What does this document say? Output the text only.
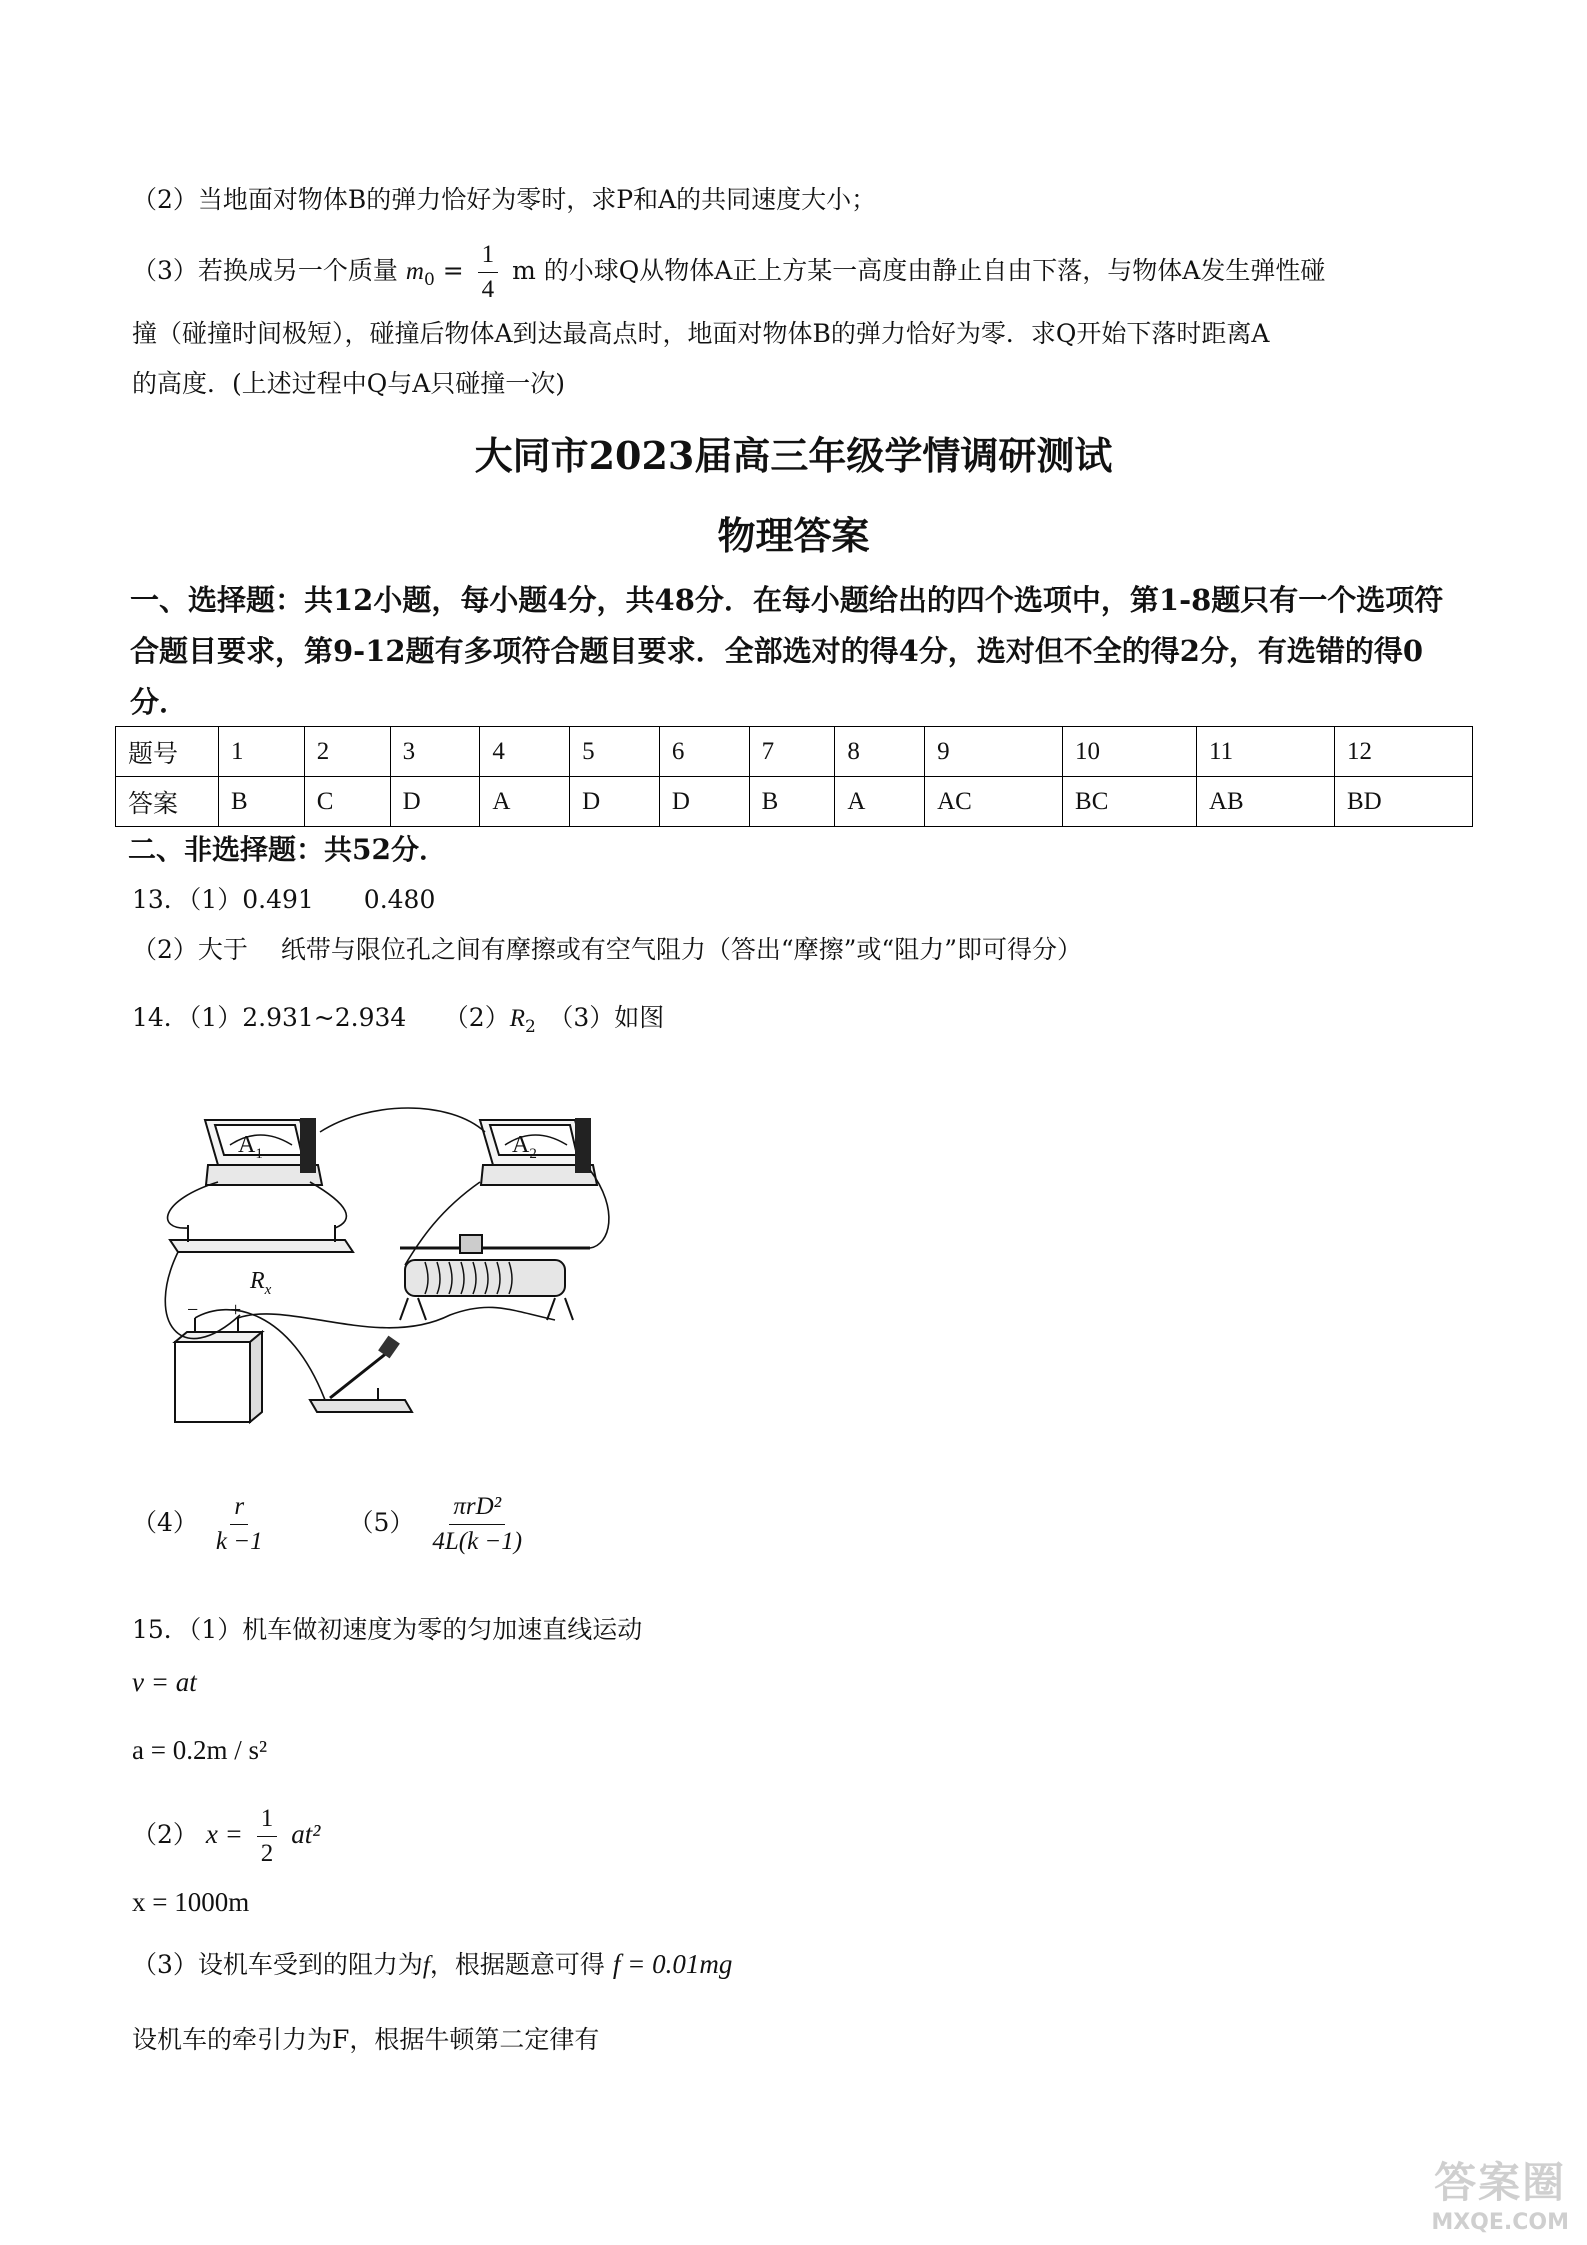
（2）当地面对物体B的弹力恰好为零时，求P和A的共同速度大小；
（3）若换成另一个质量 $m_0 = \frac{1}{4}$ m 的小球Q从物体A正上方某一高度由静止自由下落，与物体A发生弹性碰
撞（碰撞时间极短），碰撞后物体A到达最高点时，地面对物体B的弹力恰好为零．求Q开始下落时距离A
的高度．(上述过程中Q与A只碰撞一次)
大同市2023届高三年级学情调研测试
物理答案
一、选择题：共12小题，每小题4分，共48分．在每小题给出的四个选项中，第1-8题只有一个选项符合题目要求，第9-12题有多项符合题目要求．全部选对的得4分，选对但不全的得2分，有选错的得0分．
题号	1	2	3	4	5	6	7	8	9	10	11	12
答案	B	C	D	A	D	D	B	A	AC	BC	AB	BD
二、非选择题：共52分．
13．（1）0.491　　0.480
（2）大于　 纸带与限位孔之间有摩擦或有空气阻力（答出“摩擦”或“阻力”即可得分）
14．（1）2.931~2.934　　$(2)R_2$　（3）如图
$A_1$	$A_2$
$R_x$
− +
$(4) \frac{r}{k -1}$	$(5) \frac{\text{πrD²}}{4L(k -1)}$
15．（1）机车做初速度为零的匀加速直线运动
v = at
a = 0.2m / s²
（2） $x = \frac{1}{2} at^2$
x = 1000m
（3）设机车受到的阻力为f，根据题意可得 f = 0.01mg
设机车的牵引力为F，根据牛顿第二定律有
答案圈
MXQE.COM
